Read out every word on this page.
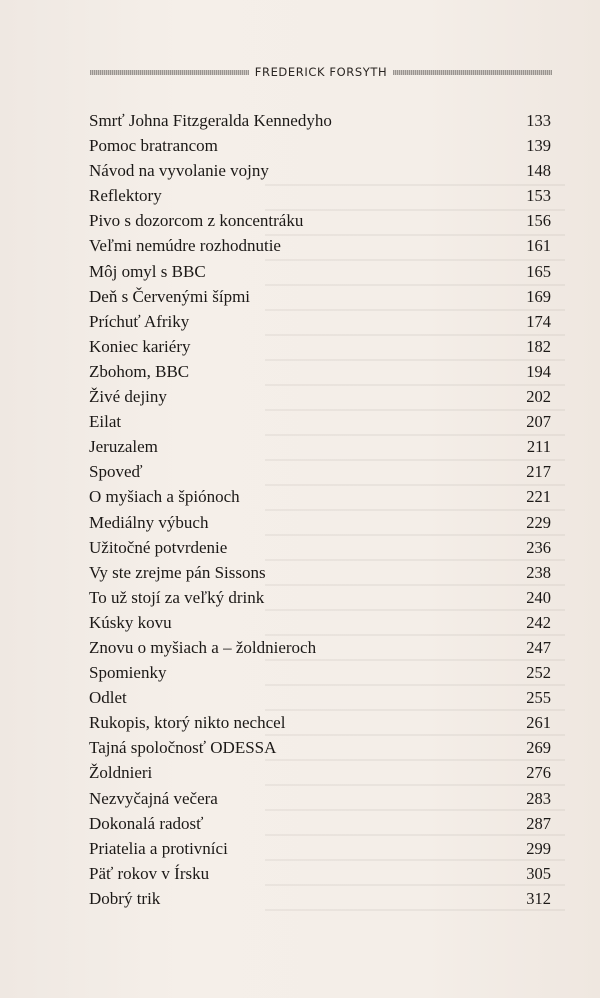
FREDERICK FORSYTH
Smrť Johna Fitzgeralda Kennedyho	133
Pomoc bratrancom	139
Návod na vyvolanie vojny	148
Reflektory	153
Pivo s dozorcom z koncentráku	156
Veľmi nemúdre rozhodnutie	161
Môj omyl s BBC	165
Deň s Červenými šípmi	169
Príchuť Afriky	174
Koniec kariéry	182
Zbohom, BBC	194
Živé dejiny	202
Eilat	207
Jeruzalem	211
Spoveď	217
O myšiach a špiónoch	221
Mediálny výbuch	229
Užitočné potvrdenie	236
Vy ste zrejme pán Sissons	238
To už stojí za veľký drink	240
Kúsky kovu	242
Znovu o myšiach a – žoldnieroch	247
Spomienky	252
Odlet	255
Rukopis, ktorý nikto nechcel	261
Tajná spoločnosť ODESSA	269
Žoldnieri	276
Nezvyčajná večera	283
Dokonalá radosť	287
Priatelia a protivníci	299
Päť rokov v Írsku	305
Dobrý trik	312
